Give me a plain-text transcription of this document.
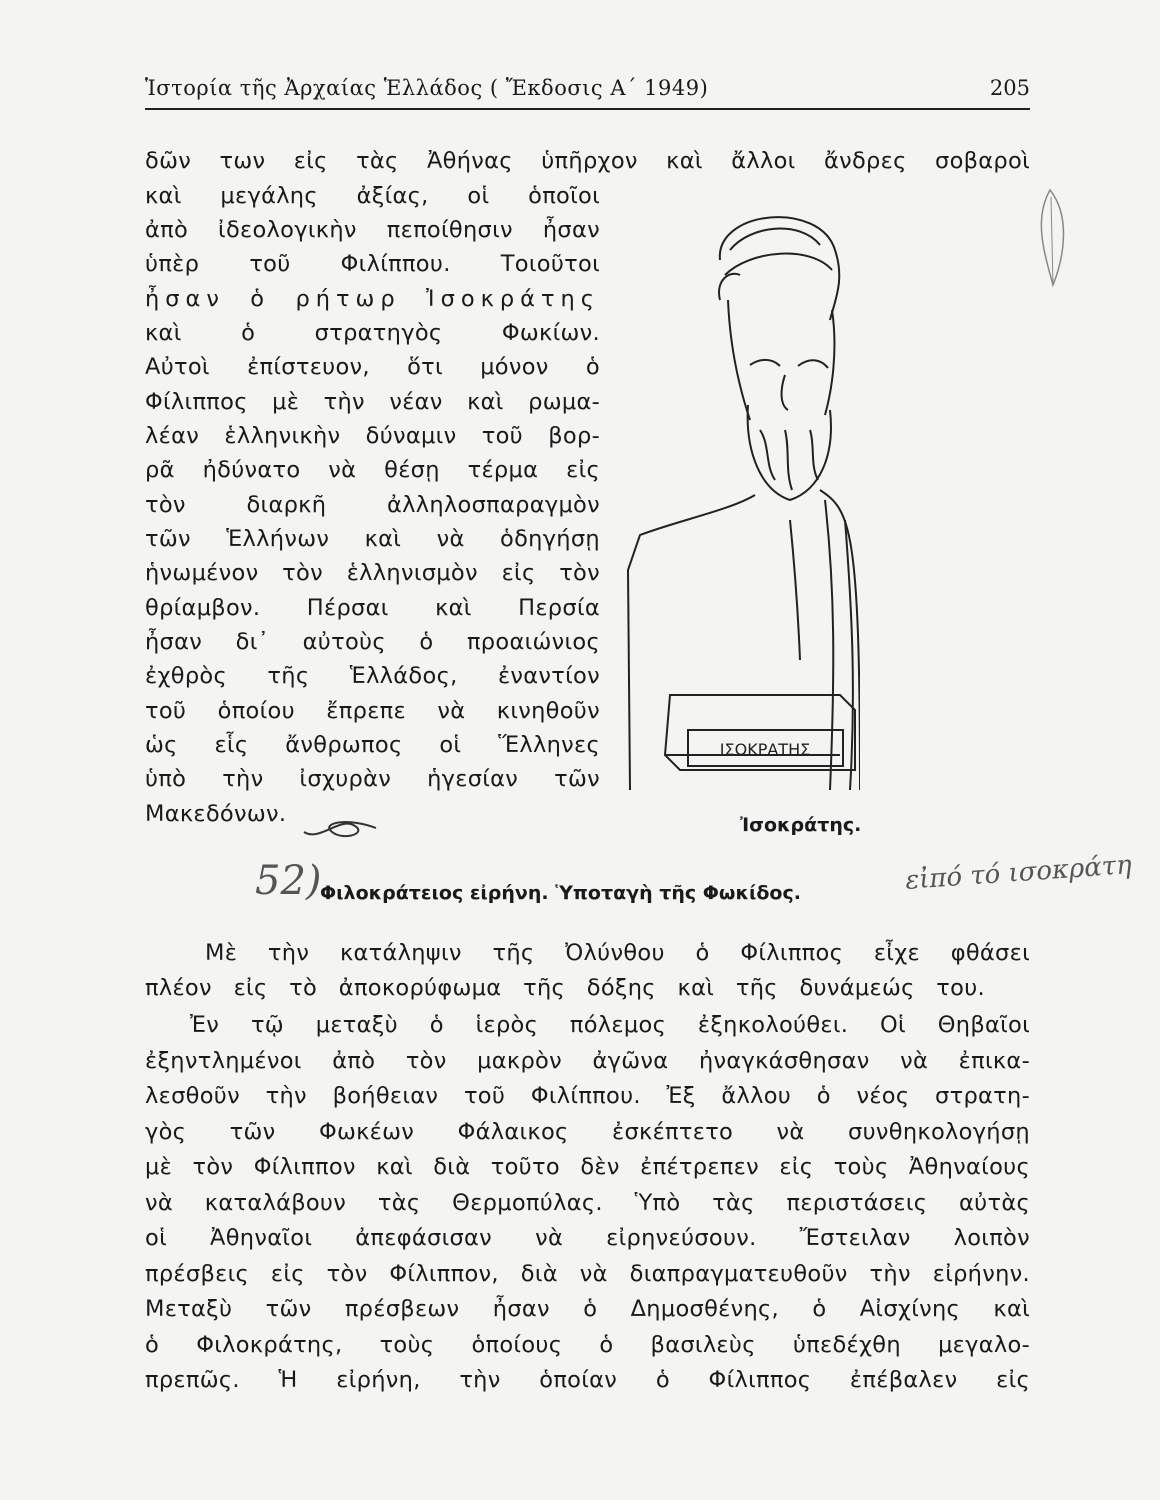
Ἱστορία τῆς Ἀρχαίας Ἑλλάδος ( Ἔκδοσις Α΄ 1949)	205
δῶν των εἰς τὰς Ἀθήνας ὑπῆρχον καὶ ἄλλοι ἄνδρες σοβαροὶ
καὶ μεγάλης ἀξίας, οἱ ὁποῖοι
ἀπὸ ἰδεολογικὴν πεποίθησιν ἦσαν
ὑπὲρ τοῦ Φιλίππου. Τοιοῦτοι
ἦσαν ὁ ρήτωρ Ἰσοκράτης
καὶ ὁ στρατηγὸς Φωκίων.
Αὐτοὶ ἐπίστευον, ὅτι μόνον ὁ
Φίλιππος μὲ τὴν νέαν καὶ ρωμα-
λέαν ἑλληνικὴν δύναμιν τοῦ βορ-
ρᾶ ἠδύνατο νὰ θέσῃ τέρμα εἰς
τὸν διαρκῆ ἀλληλοσπαραγμὸν
τῶν Ἑλλήνων καὶ νὰ ὁδηγήσῃ
ἡνωμένον τὸν ἑλληνισμὸν εἰς τὸν
θρίαμβον. Πέρσαι καὶ Περσία
ἦσαν δι᾽ αὐτοὺς ὁ προαιώνιος
ἐχθρὸς τῆς Ἑλλάδος, ἐναντίον
τοῦ ὁποίου ἔπρεπε νὰ κινηθοῦν
ὡς εἷς ἄνθρωπος οἱ Ἕλληνες
ὑπὸ τὴν ἰσχυρὰν ἡγεσίαν τῶν
Μακεδόνων.
ΙΣΟΚΡΑΤΗΣ
Ἰσοκράτης.
52)
Φιλοκράτειος εἰρήνη. Ὑποταγὴ τῆς Φωκίδος.	εἰπό τό ισοκράτη
Μὲ τὴν κατάληψιν τῆς Ὀλύνθου ὁ Φίλιππος εἶχε φθάσει
πλέον εἰς τὸ ἀποκορύφωμα τῆς δόξης καὶ τῆς δυνάμεώς του.
Ἐν τῷ μεταξὺ ὁ ἱερὸς πόλεμος ἐξηκολούθει. Οἱ Θηβαῖοι
ἐξηντλημένοι ἀπὸ τὸν μακρὸν ἀγῶνα ἠναγκάσθησαν νὰ ἐπικα-
λεσθοῦν τὴν βοήθειαν τοῦ Φιλίππου. Ἐξ ἄλλου ὁ νέος στρατη-
γὸς τῶν Φωκέων Φάλαικος ἐσκέπτετο νὰ συνθηκολογήσῃ
μὲ τὸν Φίλιππον καὶ διὰ τοῦτο δὲν ἐπέτρεπεν εἰς τοὺς Ἀθηναίους
νὰ καταλάβουν τὰς Θερμοπύλας. Ὑπὸ τὰς περιστάσεις αὐτὰς
οἱ Ἀθηναῖοι ἀπεφάσισαν νὰ εἰρηνεύσουν. Ἔστειλαν λοιπὸν
πρέσβεις εἰς τὸν Φίλιππον, διὰ νὰ διαπραγματευθοῦν τὴν εἰρήνην.
Μεταξὺ τῶν πρέσβεων ἦσαν ὁ Δημοσθένης, ὁ Αἰσχίνης καὶ
ὁ Φιλοκράτης, τοὺς ὁποίους ὁ βασιλεὺς ὑπεδέχθη μεγαλο-
πρεπῶς. Ἡ εἰρήνη, τὴν ὁποίαν ὁ Φίλιππος ἐπέβαλεν εἰς
